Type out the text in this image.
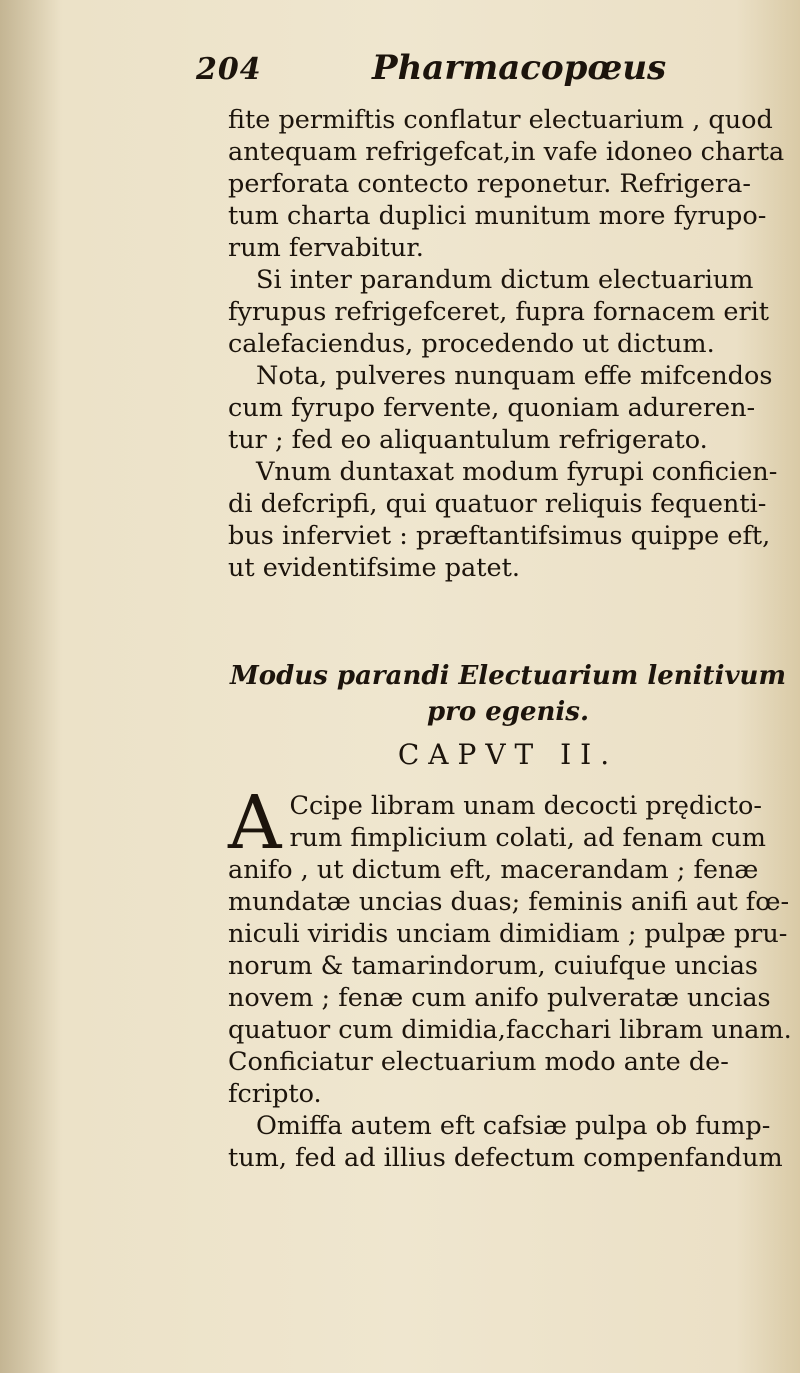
204	Pharmacopœus
fite permiftis conflatur electuarium , quod
antequam refrigefcat,in vafe idoneo charta
perforata contecto reponetur. Refrigera-
tum charta duplici munitum more fyrupo-
rum fervabitur.
Si inter parandum dictum electuarium
fyrupus refrigefceret, fupra fornacem erit
calefaciendus, procedendo ut dictum.
Nota, pulveres nunquam effe mifcendos
cum fyrupo fervente, quoniam adureren-
tur ; fed eo aliquantulum refrigerato.
Vnum duntaxat modum fyrupi conficien-
di defcripfi, qui quatuor reliquis fequenti-
bus inferviet : præftantifsimus quippe eft,
ut evidentifsime patet.
Modus parandi Electuarium lenitivum
pro egenis.
CAPVT II.
A Ccipe libram unam decocti prędicto-
rum fimplicium colati, ad fenam cum
anifo , ut dictum eft, macerandam ; fenæ
mundatæ uncias duas; feminis anifi aut fœ-
niculi viridis unciam dimidiam ; pulpæ pru-
norum & tamarindorum, cuiufque uncias
novem ; fenæ cum anifo pulveratæ uncias
quatuor cum dimidia,facchari libram unam.
Conficiatur electuarium modo ante de-
fcripto.
Omiffa autem eft cafsiæ pulpa ob fump-
tum, fed ad illius defectum compenfandum
